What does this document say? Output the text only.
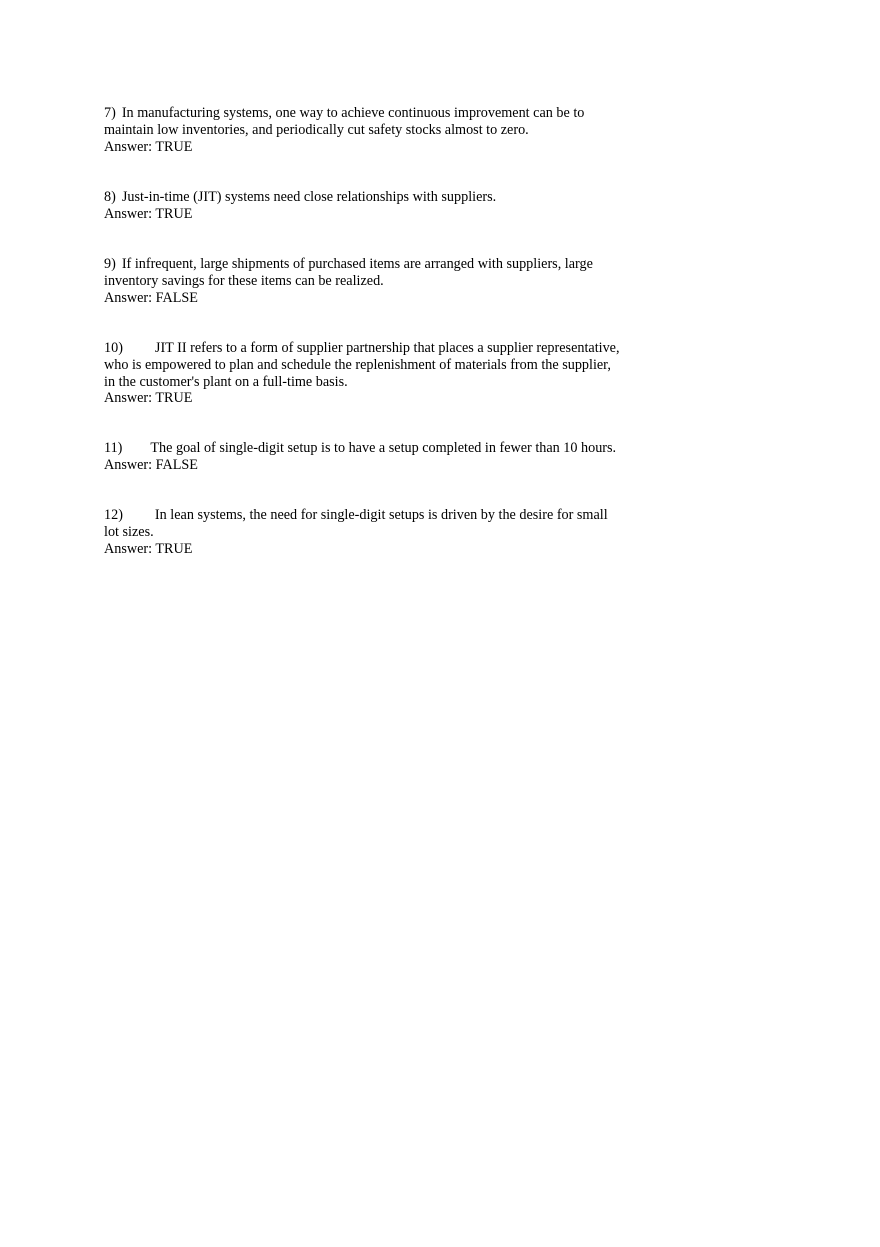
7) In manufacturing systems, one way to achieve continuous improvement can be to
maintain low inventories, and periodically cut safety stocks almost to zero.
Answer: TRUE
8) Just-in-time (JIT) systems need close relationships with suppliers.
Answer: TRUE
9) If infrequent, large shipments of purchased items are arranged with suppliers, large
inventory savings for these items can be realized.
Answer: FALSE
10) JIT II refers to a form of supplier partnership that places a supplier representative,
who is empowered to plan and schedule the replenishment of materials from the supplier,
in the customer's plant on a full-time basis.
Answer: TRUE
11) The goal of single-digit setup is to have a setup completed in fewer than 10 hours.
Answer: FALSE
12) In lean systems, the need for single-digit setups is driven by the desire for small
lot sizes.
Answer: TRUE
